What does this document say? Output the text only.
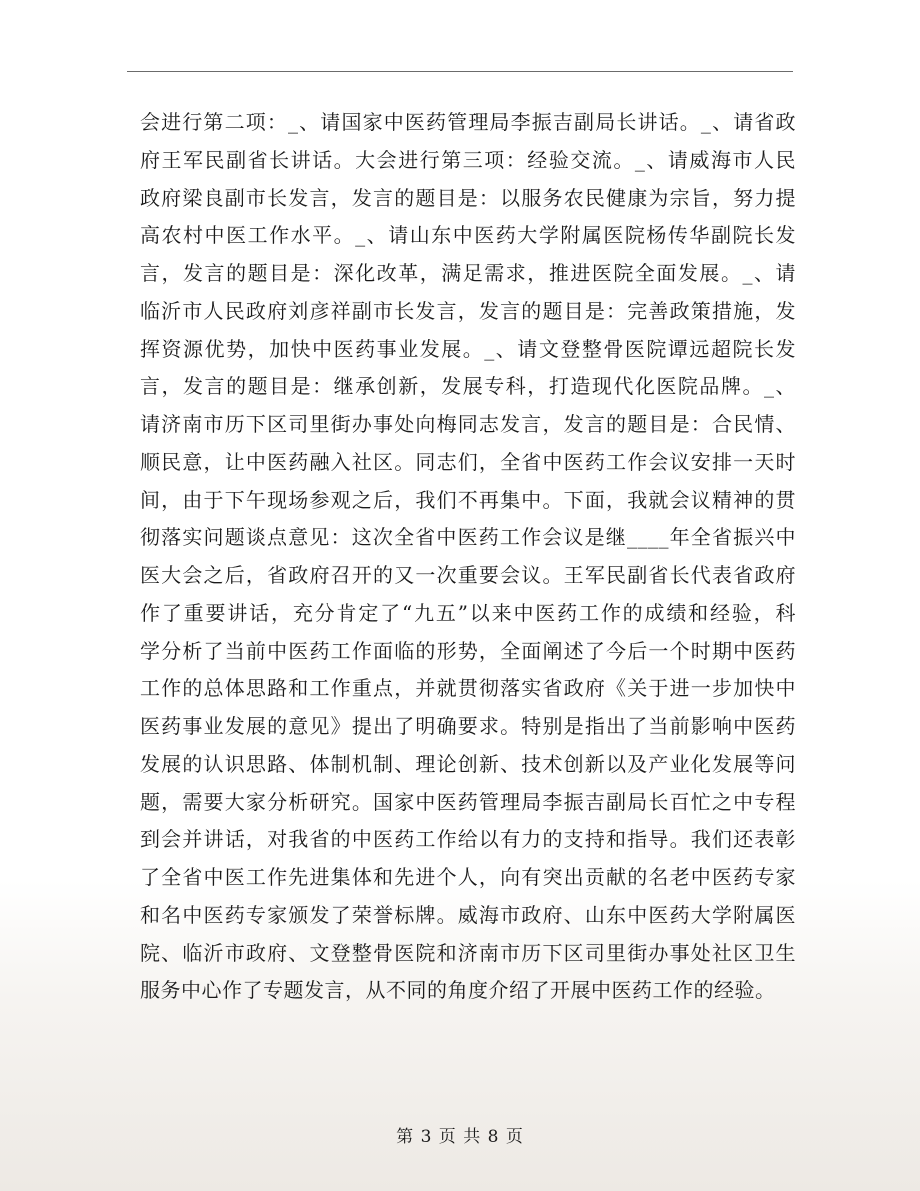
会进行第二项：_、请国家中医药管理局李振吉副局长讲话。_、请省政
府王军民副省长讲话。大会进行第三项：经验交流。_、请威海市人民
政府梁良副市长发言，发言的题目是：以服务农民健康为宗旨，努力提
高农村中医工作水平。_、请山东中医药大学附属医院杨传华副院长发
言，发言的题目是：深化改革，满足需求，推进医院全面发展。_、请
临沂市人民政府刘彦祥副市长发言，发言的题目是：完善政策措施，发
挥资源优势，加快中医药事业发展。_、请文登整骨医院谭远超院长发
言，发言的题目是：继承创新，发展专科，打造现代化医院品牌。_、
请济南市历下区司里街办事处向梅同志发言，发言的题目是：合民情、
顺民意，让中医药融入社区。同志们，全省中医药工作会议安排一天时
间，由于下午现场参观之后，我们不再集中。下面，我就会议精神的贯
彻落实问题谈点意见：这次全省中医药工作会议是继____年全省振兴中
医大会之后，省政府召开的又一次重要会议。王军民副省长代表省政府
作了重要讲话，充分肯定了“九五”以来中医药工作的成绩和经验，科
学分析了当前中医药工作面临的形势，全面阐述了今后一个时期中医药
工作的总体思路和工作重点，并就贯彻落实省政府《关于进一步加快中
医药事业发展的意见》提出了明确要求。特别是指出了当前影响中医药
发展的认识思路、体制机制、理论创新、技术创新以及产业化发展等问
题，需要大家分析研究。国家中医药管理局李振吉副局长百忙之中专程
到会并讲话，对我省的中医药工作给以有力的支持和指导。我们还表彰
了全省中医工作先进集体和先进个人，向有突出贡献的名老中医药专家
和名中医药专家颁发了荣誉标牌。威海市政府、山东中医药大学附属医
院、临沂市政府、文登整骨医院和济南市历下区司里街办事处社区卫生
服务中心作了专题发言，从不同的角度介绍了开展中医药工作的经验。
第 3 页 共 8 页
